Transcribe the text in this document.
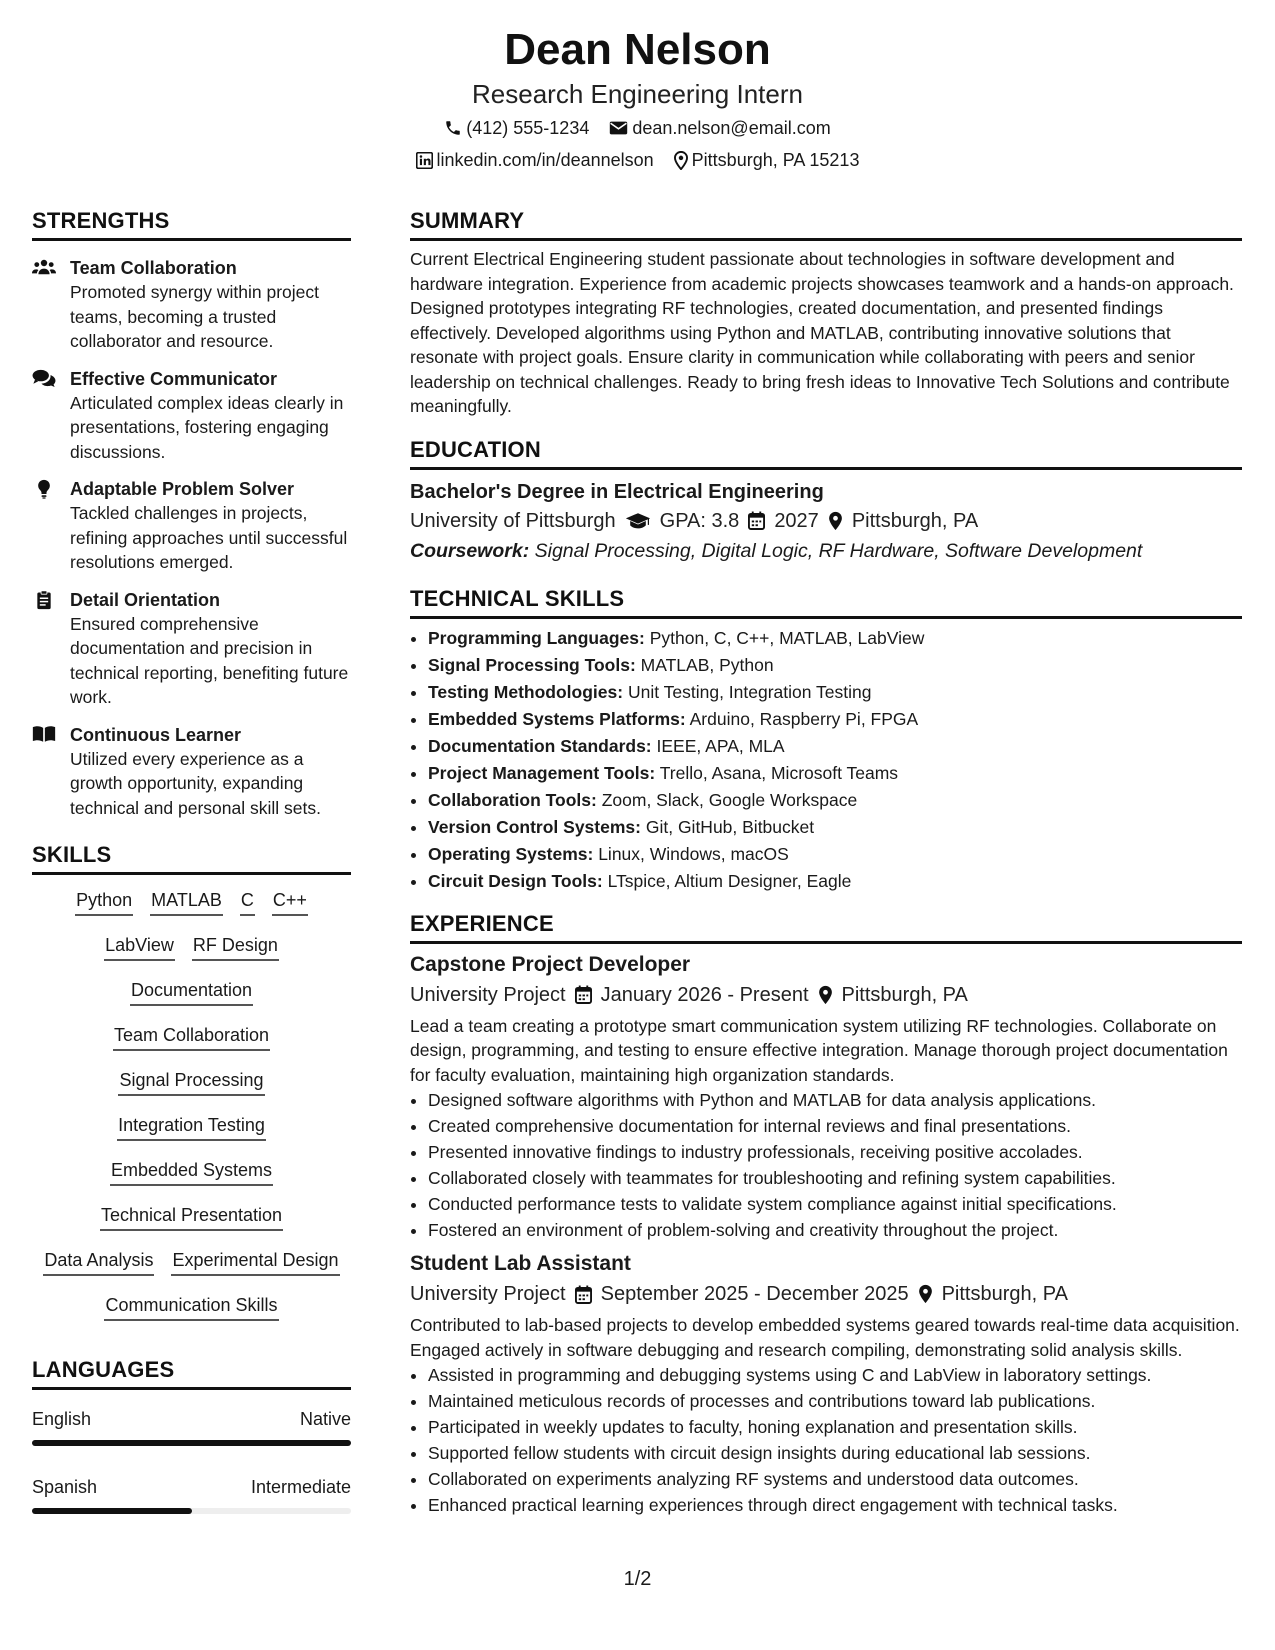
Dean Nelson
Research Engineering Intern
(412) 555-1234 dean.nelson@email.com
linkedin.com/in/deannelson Pittsburgh, PA 15213
STRENGTHS
Team Collaboration
Promoted synergy within project teams, becoming a trusted collaborator and resource.
Effective Communicator
Articulated complex ideas clearly in presentations, fostering engaging discussions.
Adaptable Problem Solver
Tackled challenges in projects, refining approaches until successful resolutions emerged.
Detail Orientation
Ensured comprehensive documentation and precision in technical reporting, benefiting future work.
Continuous Learner
Utilized every experience as a growth opportunity, expanding technical and personal skill sets.
SKILLS
Python MATLAB C C++
LabView RF Design
Documentation
Team Collaboration
Signal Processing
Integration Testing
Embedded Systems
Technical Presentation
Data Analysis Experimental Design
Communication Skills
LANGUAGES
English	Native
Spanish	Intermediate
SUMMARY
Current Electrical Engineering student passionate about technologies in software development and hardware integration. Experience from academic projects showcases teamwork and a hands-on approach. Designed prototypes integrating RF technologies, created documentation, and presented findings effectively. Developed algorithms using Python and MATLAB, contributing innovative solutions that resonate with project goals. Ensure clarity in communication while collaborating with peers and senior leadership on technical challenges. Ready to bring fresh ideas to Innovative Tech Solutions and contribute meaningfully.
EDUCATION
Bachelor's Degree in Electrical Engineering
University of Pittsburgh GPA: 3.8 2027 Pittsburgh, PA
Coursework: Signal Processing, Digital Logic, RF Hardware, Software Development
TECHNICAL SKILLS
• Programming Languages: Python, C, C++, MATLAB, LabView
• Signal Processing Tools: MATLAB, Python
• Testing Methodologies: Unit Testing, Integration Testing
• Embedded Systems Platforms: Arduino, Raspberry Pi, FPGA
• Documentation Standards: IEEE, APA, MLA
• Project Management Tools: Trello, Asana, Microsoft Teams
• Collaboration Tools: Zoom, Slack, Google Workspace
• Version Control Systems: Git, GitHub, Bitbucket
• Operating Systems: Linux, Windows, macOS
• Circuit Design Tools: LTspice, Altium Designer, Eagle
EXPERIENCE
Capstone Project Developer
University Project January 2026 - Present Pittsburgh, PA
Lead a team creating a prototype smart communication system utilizing RF technologies. Collaborate on design, programming, and testing to ensure effective integration. Manage thorough project documentation for faculty evaluation, maintaining high organization standards.
• Designed software algorithms with Python and MATLAB for data analysis applications.
• Created comprehensive documentation for internal reviews and final presentations.
• Presented innovative findings to industry professionals, receiving positive accolades.
• Collaborated closely with teammates for troubleshooting and refining system capabilities.
• Conducted performance tests to validate system compliance against initial specifications.
• Fostered an environment of problem-solving and creativity throughout the project.
Student Lab Assistant
University Project September 2025 - December 2025 Pittsburgh, PA
Contributed to lab-based projects to develop embedded systems geared towards real-time data acquisition. Engaged actively in software debugging and research compiling, demonstrating solid analysis skills.
• Assisted in programming and debugging systems using C and LabView in laboratory settings.
• Maintained meticulous records of processes and contributions toward lab publications.
• Participated in weekly updates to faculty, honing explanation and presentation skills.
• Supported fellow students with circuit design insights during educational lab sessions.
• Collaborated on experiments analyzing RF systems and understood data outcomes.
• Enhanced practical learning experiences through direct engagement with technical tasks.
1/2
